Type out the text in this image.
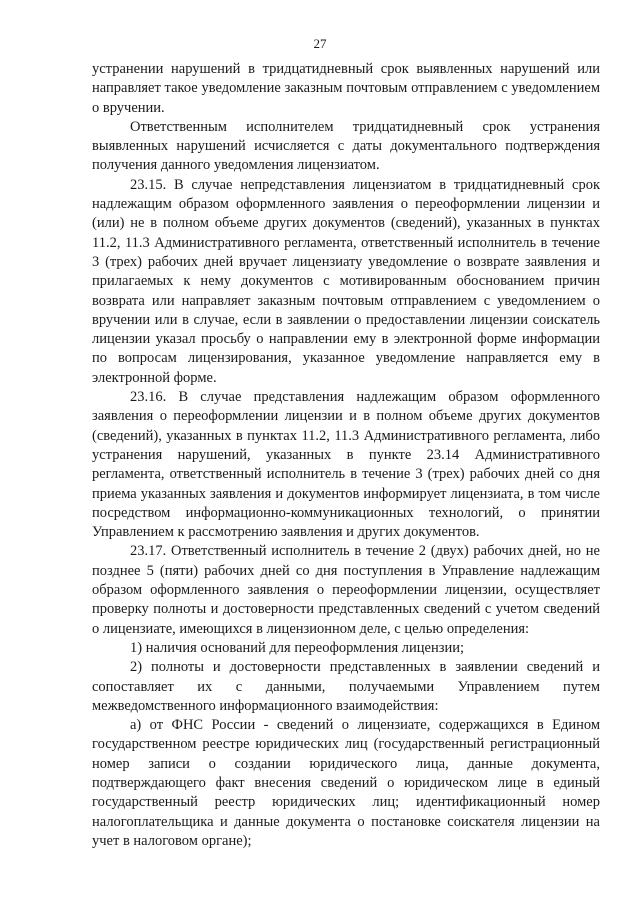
27

устранении нарушений в тридцатидневный срок выявленных нарушений или направляет такое уведомление заказным почтовым отправлением с уведомлением о вручении.

Ответственным исполнителем тридцатидневный срок устранения выявленных нарушений исчисляется с даты документального подтверждения получения данного уведомления лицензиатом.

23.15. В случае непредставления лицензиатом в тридцатидневный срок надлежащим образом оформленного заявления о переоформлении лицензии и (или) не в полном объеме других документов (сведений), указанных в пунктах 11.2, 11.3 Административного регламента, ответственный исполнитель в течение 3 (трех) рабочих дней вручает лицензиату уведомление о возврате заявления и прилагаемых к нему документов с мотивированным обоснованием причин возврата или направляет заказным почтовым отправлением с уведомлением о вручении или в случае, если в заявлении о предоставлении лицензии соискатель лицензии указал просьбу о направлении ему в электронной форме информации по вопросам лицензирования, указанное уведомление направляется ему в электронной форме.

23.16. В случае представления надлежащим образом оформленного заявления о переоформлении лицензии и в полном объеме других документов (сведений), указанных в пунктах 11.2, 11.3 Административного регламента, либо устранения нарушений, указанных в пункте 23.14 Административного регламента, ответственный исполнитель в течение 3 (трех) рабочих дней со дня приема указанных заявления и документов информирует лицензиата, в том числе посредством информационно-коммуникационных технологий, о принятии Управлением к рассмотрению заявления и других документов.

23.17. Ответственный исполнитель в течение 2 (двух) рабочих дней, но не позднее 5 (пяти) рабочих дней со дня поступления в Управление надлежащим образом оформленного заявления о переоформлении лицензии, осуществляет проверку полноты и достоверности представленных сведений с учетом сведений о лицензиате, имеющихся в лицензионном деле, с целью определения:

1) наличия оснований для переоформления лицензии;

2) полноты и достоверности представленных в заявлении сведений и сопоставляет их с данными, получаемыми Управлением путем межведомственного информационного взаимодействия:

а) от ФНС России - сведений о лицензиате, содержащихся в Едином государственном реестре юридических лиц (государственный регистрационный номер записи о создании юридического лица, данные документа, подтверждающего факт внесения сведений о юридическом лице в единый государственный реестр юридических лиц; идентификационный номер налогоплательщика и данные документа о постановке соискателя лицензии на учет в налоговом органе);
